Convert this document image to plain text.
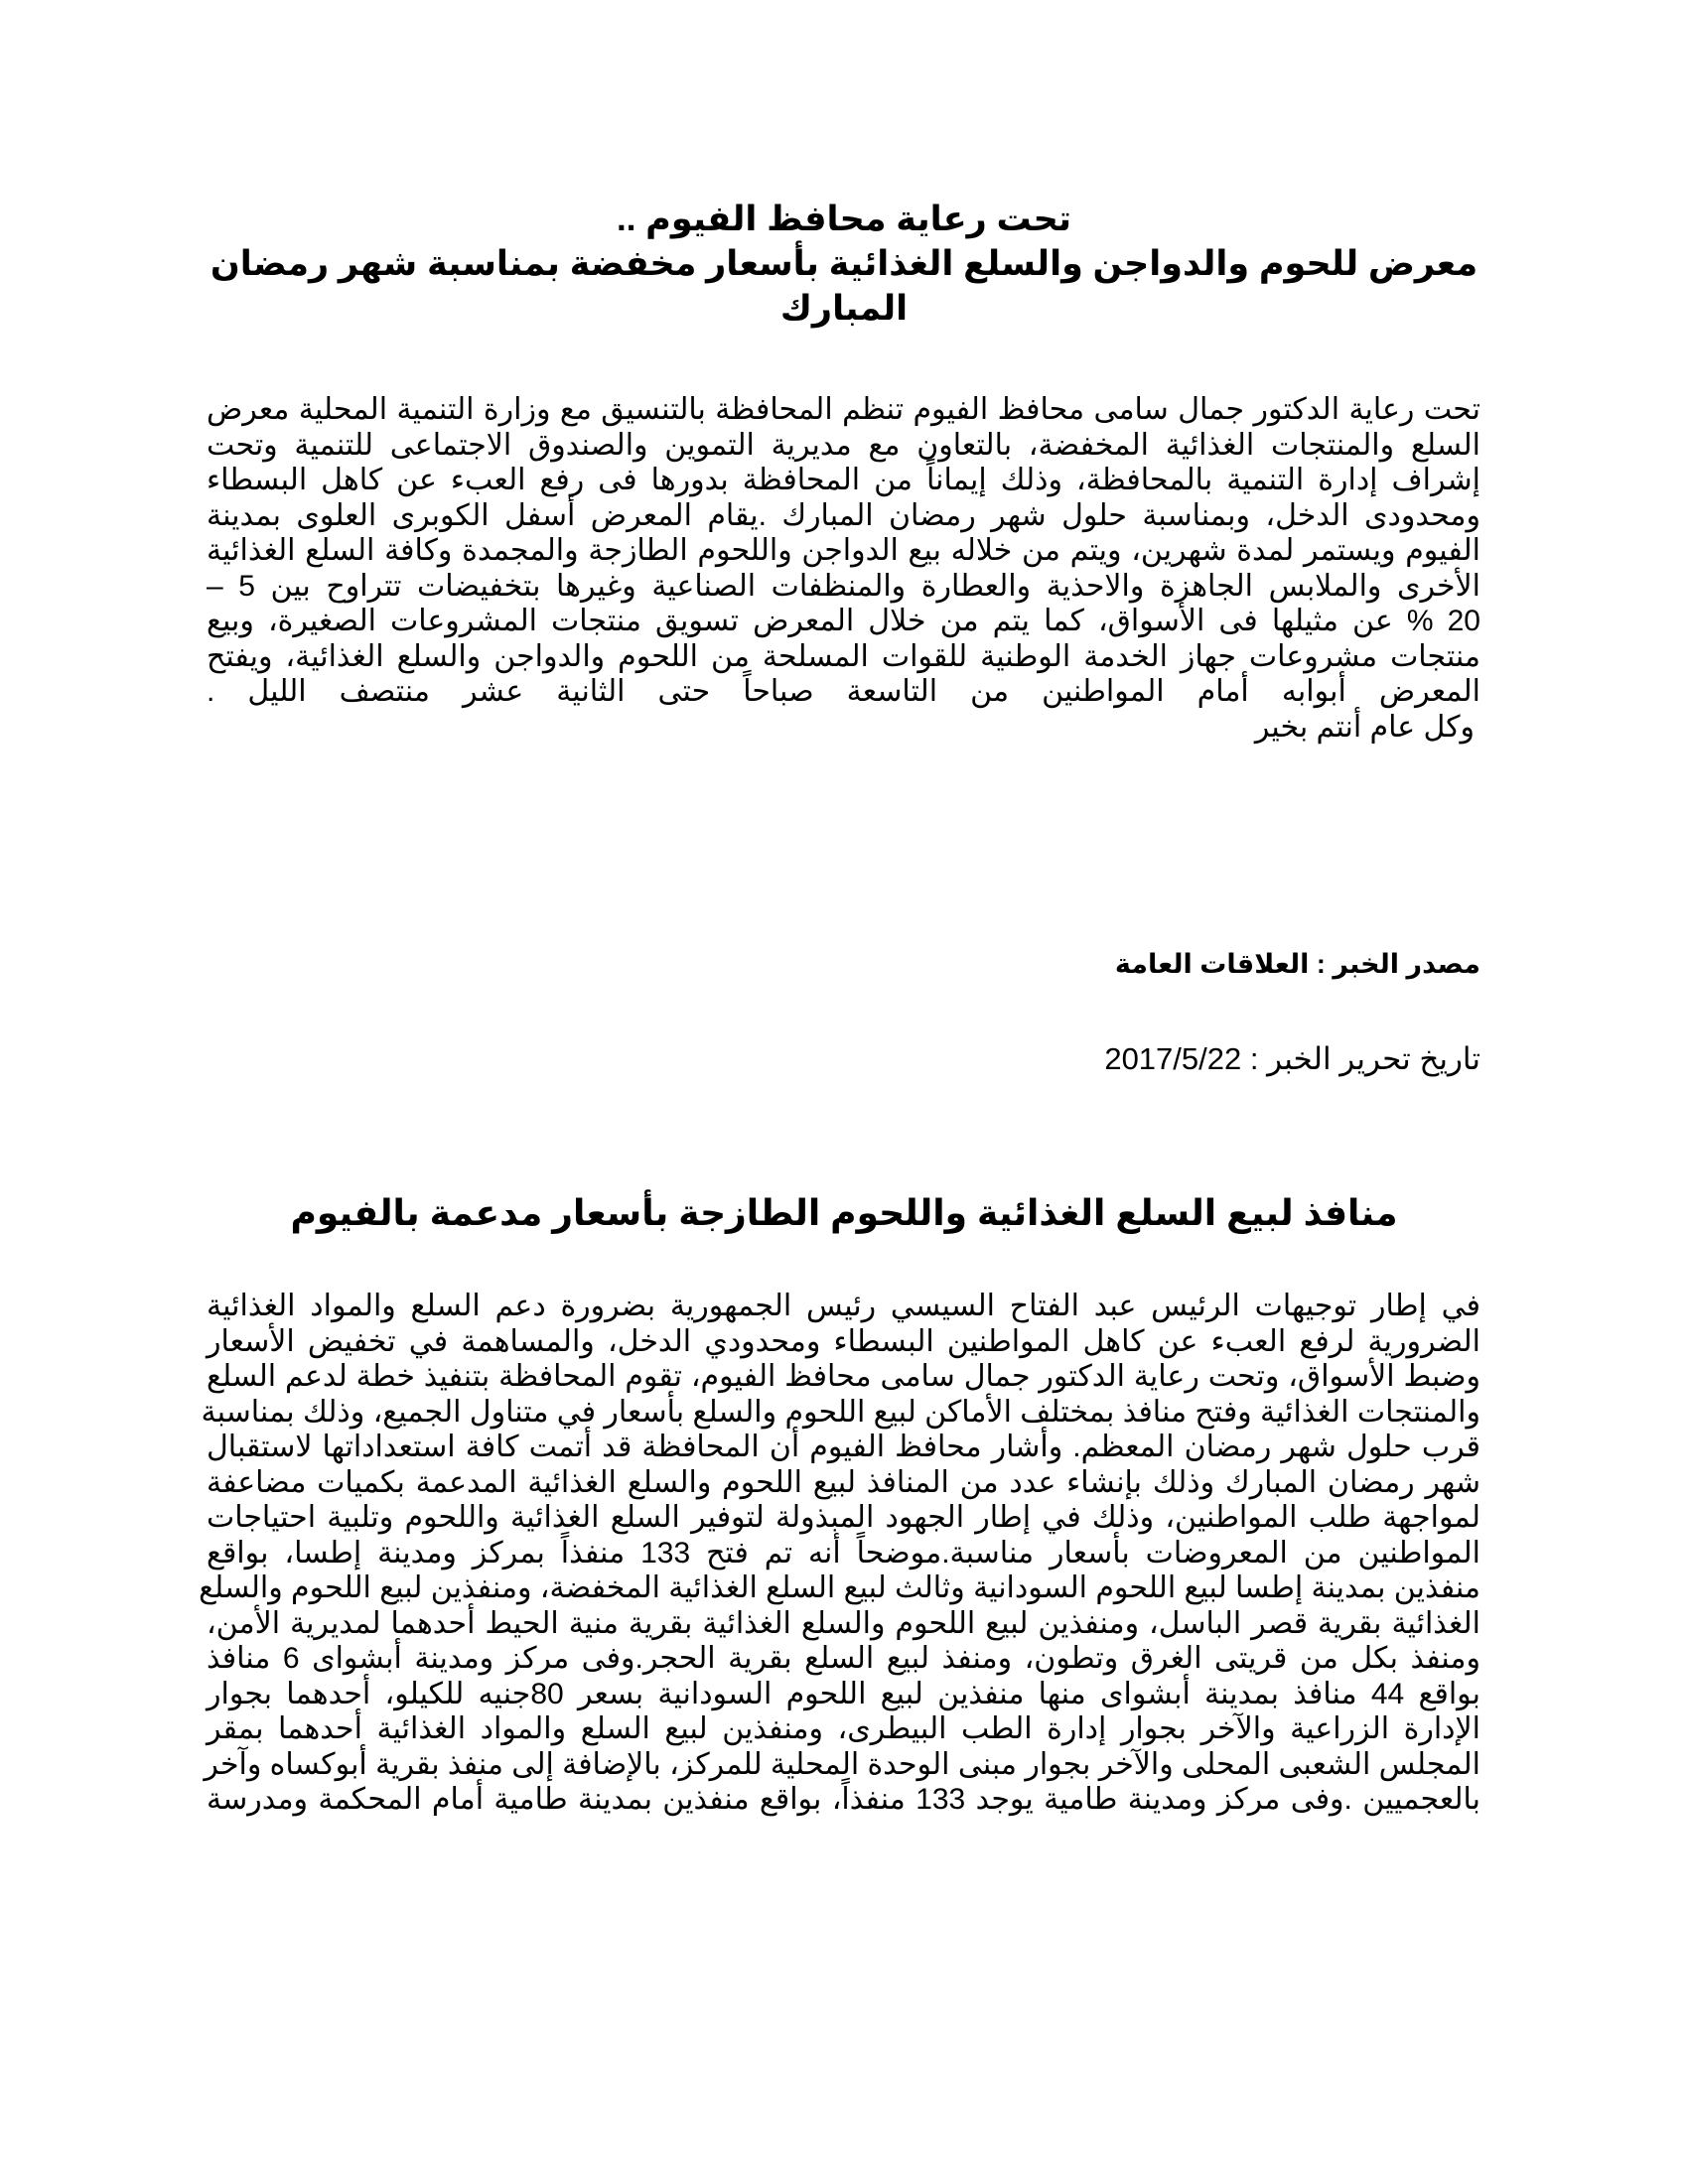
تحت رعاية محافظ الفيوم ..
معرض للحوم والدواجن والسلع الغذائية بأسعار مخفضة بمناسبة شهر رمضان
المبارك
تحت رعاية الدكتور جمال سامى محافظ الفيوم تنظم المحافظة بالتنسيق مع وزارة التنمية المحلية معرض
السلع والمنتجات الغذائية المخفضة، بالتعاون مع مديرية التموين والصندوق الاجتماعى للتنمية وتحت
إشراف إدارة التنمية بالمحافظة، وذلك إيماناً من المحافظة بدورها فى رفع العبء عن كاهل البسطاء
ومحدودى الدخل، وبمناسبة حلول شهر رمضان المبارك .يقام المعرض أسفل الكوبرى العلوى بمدينة
الفيوم ويستمر لمدة شهرين، ويتم من خلاله بيع الدواجن واللحوم الطازجة والمجمدة وكافة السلع الغذائية
الأخرى والملابس الجاهزة والاحذية والعطارة والمنظفات الصناعية وغيرها بتخفيضات تتراوح بين 5 –
20 % عن مثيلها فى الأسواق، كما يتم من خلال المعرض تسويق منتجات المشروعات الصغيرة، وبيع
منتجات مشروعات جهاز الخدمة الوطنية للقوات المسلحة من اللحوم والدواجن والسلع الغذائية، ويفتح
المعرض أبوابه أمام المواطنين من التاسعة صباحاً حتى الثانية عشر منتصف الليل .
وكل عام أنتم بخير
مصدر الخبر : العلاقات العامة
تاريخ تحرير الخبر : 2017/5/22
منافذ لبيع السلع الغذائية واللحوم الطازجة بأسعار مدعمة بالفيوم
في إطار توجيهات الرئيس عبد الفتاح السيسي رئيس الجمهورية بضرورة دعم السلع والمواد الغذائية
الضرورية لرفع العبء عن كاهل المواطنين البسطاء ومحدودي الدخل، والمساهمة في تخفيض الأسعار
وضبط الأسواق، وتحت رعاية الدكتور جمال سامى محافظ الفيوم، تقوم المحافظة بتنفيذ خطة لدعم السلع
والمنتجات الغذائية وفتح منافذ بمختلف الأماكن لبيع اللحوم والسلع بأسعار في متناول الجميع، وذلك بمناسبة
قرب حلول شهر رمضان المعظم. وأشار محافظ الفيوم أن المحافظة قد أتمت كافة استعداداتها لاستقبال
شهر رمضان المبارك وذلك بإنشاء عدد من المنافذ لبيع اللحوم والسلع الغذائية المدعمة بكميات مضاعفة
لمواجهة طلب المواطنين، وذلك في إطار الجهود المبذولة لتوفير السلع الغذائية واللحوم وتلبية احتياجات
المواطنين من المعروضات بأسعار مناسبة.موضحاً أنه تم فتح 133 منفذاً بمركز ومدينة إطسا، بواقع
منفذين بمدينة إطسا لبيع اللحوم السودانية وثالث لبيع السلع الغذائية المخفضة، ومنفذين لبيع اللحوم والسلع
الغذائية بقرية قصر الباسل، ومنفذين لبيع اللحوم والسلع الغذائية بقرية منية الحيط أحدهما لمديرية الأمن،
ومنفذ بكل من قريتى الغرق وتطون، ومنفذ لبيع السلع بقرية الحجر.وفى مركز ومدينة أبشواى 6 منافذ
بواقع 44 منافذ بمدينة أبشواى منها منفذين لبيع اللحوم السودانية بسعر 80جنيه للكيلو، أحدهما بجوار
الإدارة الزراعية والآخر بجوار إدارة الطب البيطرى، ومنفذين لبيع السلع والمواد الغذائية أحدهما بمقر
المجلس الشعبى المحلى والآخر بجوار مبنى الوحدة المحلية للمركز، بالإضافة إلى منفذ بقرية أبوكساه وآخر
بالعجميين .وفى مركز ومدينة طامية يوجد 133 منفذاً، بواقع منفذين بمدينة طامية أمام المحكمة ومدرسة
